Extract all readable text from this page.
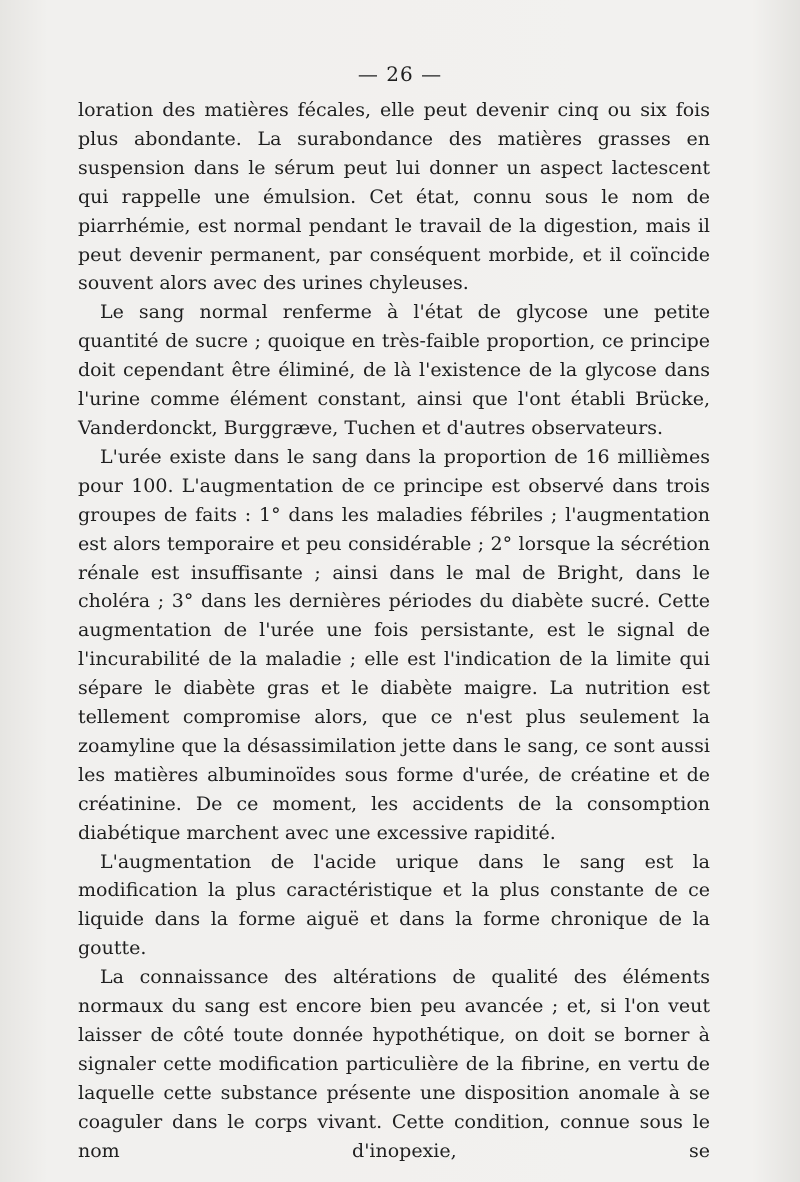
— 26 —

loration des matières fécales, elle peut devenir cinq ou six fois plus abondante. La surabondance des matières grasses en suspension dans le sérum peut lui donner un aspect lactescent qui rappelle une émulsion. Cet état, connu sous le nom de piarrhémie, est normal pendant le travail de la digestion, mais il peut devenir permanent, par conséquent morbide, et il coïncide souvent alors avec des urines chyleuses.

Le sang normal renferme à l'état de glycose une petite quantité de sucre ; quoique en très-faible proportion, ce principe doit cependant être éliminé, de là l'existence de la glycose dans l'urine comme élément constant, ainsi que l'ont établi Brücke, Vanderdonckt, Burggræve, Tuchen et d'autres observateurs.

L'urée existe dans le sang dans la proportion de 16 millièmes pour 100. L'augmentation de ce principe est observé dans trois groupes de faits : 1° dans les maladies fébriles ; l'augmentation est alors temporaire et peu considérable ; 2° lorsque la sécrétion rénale est insuffisante ; ainsi dans le mal de Bright, dans le choléra ; 3° dans les dernières périodes du diabète sucré. Cette augmentation de l'urée une fois persistante, est le signal de l'incurabilité de la maladie ; elle est l'indication de la limite qui sépare le diabète gras et le diabète maigre. La nutrition est tellement compromise alors, que ce n'est plus seulement la zoamyline que la désassimilation jette dans le sang, ce sont aussi les matières albuminoïdes sous forme d'urée, de créatine et de créatinine. De ce moment, les accidents de la consomption diabétique marchent avec une excessive rapidité.

L'augmentation de l'acide urique dans le sang est la modification la plus caractéristique et la plus constante de ce liquide dans la forme aiguë et dans la forme chronique de la goutte.

La connaissance des altérations de qualité des éléments normaux du sang est encore bien peu avancée ; et, si l'on veut laisser de côté toute donnée hypothétique, on doit se borner à signaler cette modification particulière de la fibrine, en vertu de laquelle cette substance présente une disposition anomale à se coaguler dans le corps vivant. Cette condition, connue sous le nom d'inopexie, se
